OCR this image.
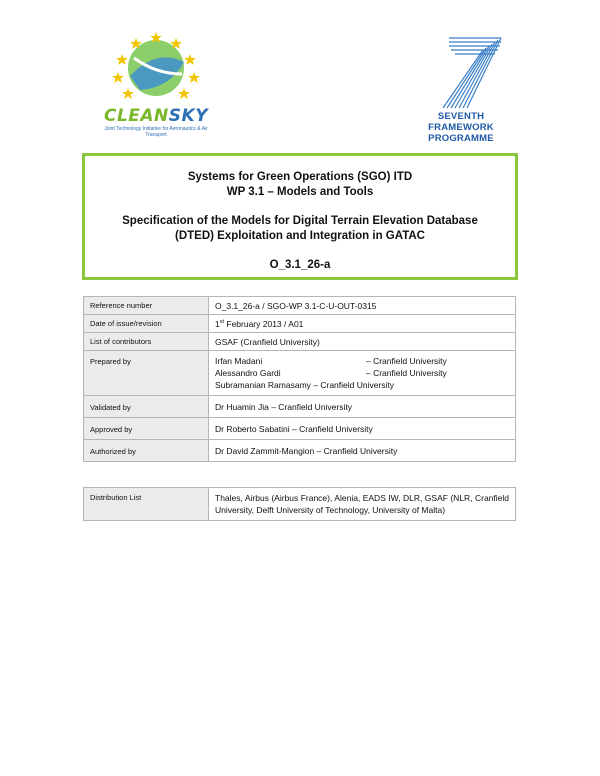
CLEANSKY
Joint Technology Initiative for Aeronautics & Air Transport
SEVENTH FRAMEWORK
PROGRAMME
Systems for Green Operations (SGO) ITD
WP 3.1 – Models and Tools
Specification of the Models for Digital Terrain Elevation Database (DTED) Exploitation and Integration in GATAC
O_3.1_26-a
Reference number	O_3.1_26-a / SGO-WP 3.1-C-U-OUT-0315
Date of issue/revision	1st February 2013 / A01
List of contributors	GSAF (Cranfield University)
Prepared by	Irfan Madani – Cranfield University
Alessandro Gardi – Cranfield University
Subramanian Ramasamy – Cranfield University

Validated by	Dr Huamin Jia – Cranfield University
Approved by	Dr Roberto Sabatini – Cranfield University
Authorized by	Dr David Zammit-Mangion – Cranfield University
Distribution List	Thales, Airbus (Airbus France), Alenia, EADS IW, DLR, GSAF (NLR, Cranfield University, Delft University of Technology, University of Malta)
